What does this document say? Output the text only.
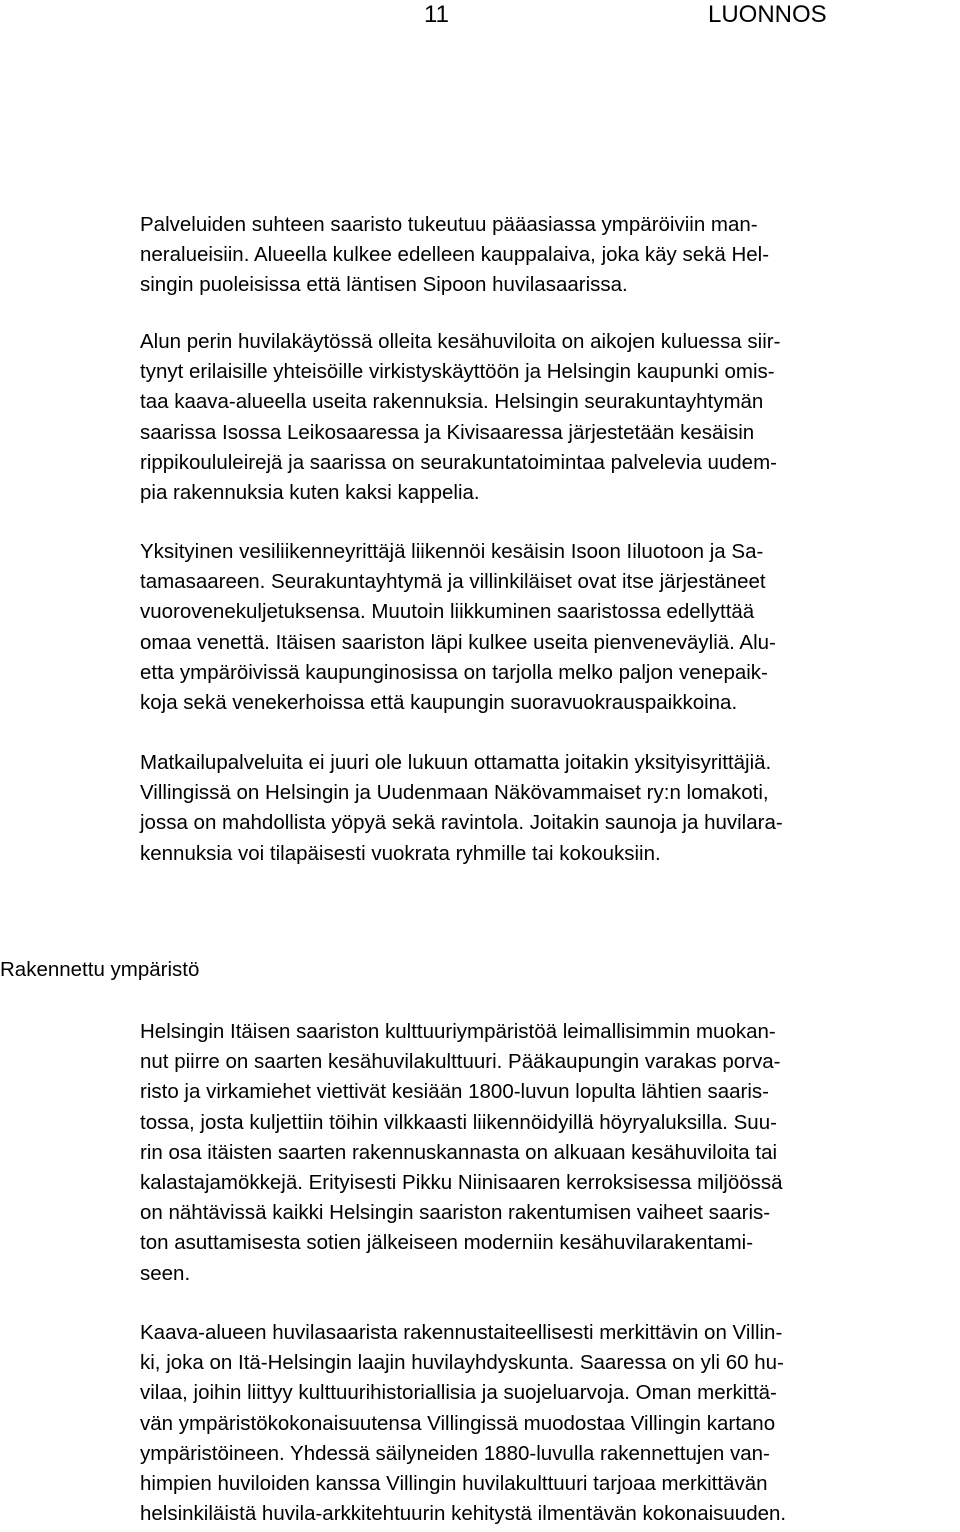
11	LUONNOS

Palveluiden suhteen saaristo tukeutuu pääasiassa ympäröiviin man-
neralueisiin. Alueella kulkee edelleen kauppalaiva, joka käy sekä Hel-
singin puoleisissa että läntisen Sipoon huvilasaarissa.
Alun perin huvilakäytössä olleita kesähuviloita on aikojen kuluessa siir-
tynyt erilaisille yhteisöille virkistyskäyttöön ja Helsingin kaupunki omis-
taa kaava-alueella useita rakennuksia. Helsingin seurakuntayhtymän
saarissa Isossa Leikosaaressa ja Kivisaaressa järjestetään kesäisin
rippikoululeirejä ja saarissa on seurakuntatoimintaa palvelevia uudem-
pia rakennuksia kuten kaksi kappelia.
Yksityinen vesiliikenneyrittäjä liikennöi kesäisin Isoon Iiluotoon ja Sa-
tamasaareen. Seurakuntayhtymä ja villinkiläiset ovat itse järjestäneet
vuorovenekuljetuksensa. Muutoin liikkuminen saaristossa edellyttää
omaa venettä. Itäisen saariston läpi kulkee useita pienveneväyliä. Alu-
etta ympäröivissä kaupunginosissa on tarjolla melko paljon venepaik-
koja sekä venekerhoissa että kaupungin suoravuokrauspaikkoina.
Matkailupalveluita ei juuri ole lukuun ottamatta joitakin yksityisyrittäjiä.
Villingissä on Helsingin ja Uudenmaan Näkövammaiset ry:n lomakoti,
jossa on mahdollista yöpyä sekä ravintola. Joitakin saunoja ja huvilara-
kennuksia voi tilapäisesti vuokrata ryhmille tai kokouksiin.
Rakennettu ympäristö
Helsingin Itäisen saariston kulttuuriympäristöä leimallisimmin muokan-
nut piirre on saarten kesähuvilakulttuuri. Pääkaupungin varakas porva-
risto ja virkamiehet viettivät kesiään 1800-luvun lopulta lähtien saaris-
tossa, josta kuljettiin töihin vilkkaasti liikennöidyillä höyryaluksilla. Suu-
rin osa itäisten saarten rakennuskannasta on alkuaan kesähuviloita tai
kalastajamökkejä. Erityisesti Pikku Niinisaaren kerroksisessa miljöössä
on nähtävissä kaikki Helsingin saariston rakentumisen vaiheet saaris-
ton asuttamisesta sotien jälkeiseen moderniin kesähuvilarakentami-
seen.
Kaava-alueen huvilasaarista rakennustaiteellisesti merkittävin on Villin-
ki, joka on Itä-Helsingin laajin huvilayhdyskunta. Saaressa on yli 60 hu-
vilaa, joihin liittyy kulttuurihistoriallisia ja suojeluarvoja. Oman merkittä-
vän ympäristökokonaisuutensa Villingissä muodostaa Villingin kartano
ympäristöineen. Yhdessä säilyneiden 1880-luvulla rakennettujen van-
himpien huviloiden kanssa Villingin huvilakulttuuri tarjoaa merkittävän
helsinkiläistä huvila-arkkitehtuurin kehitystä ilmentävän kokonaisuuden.
